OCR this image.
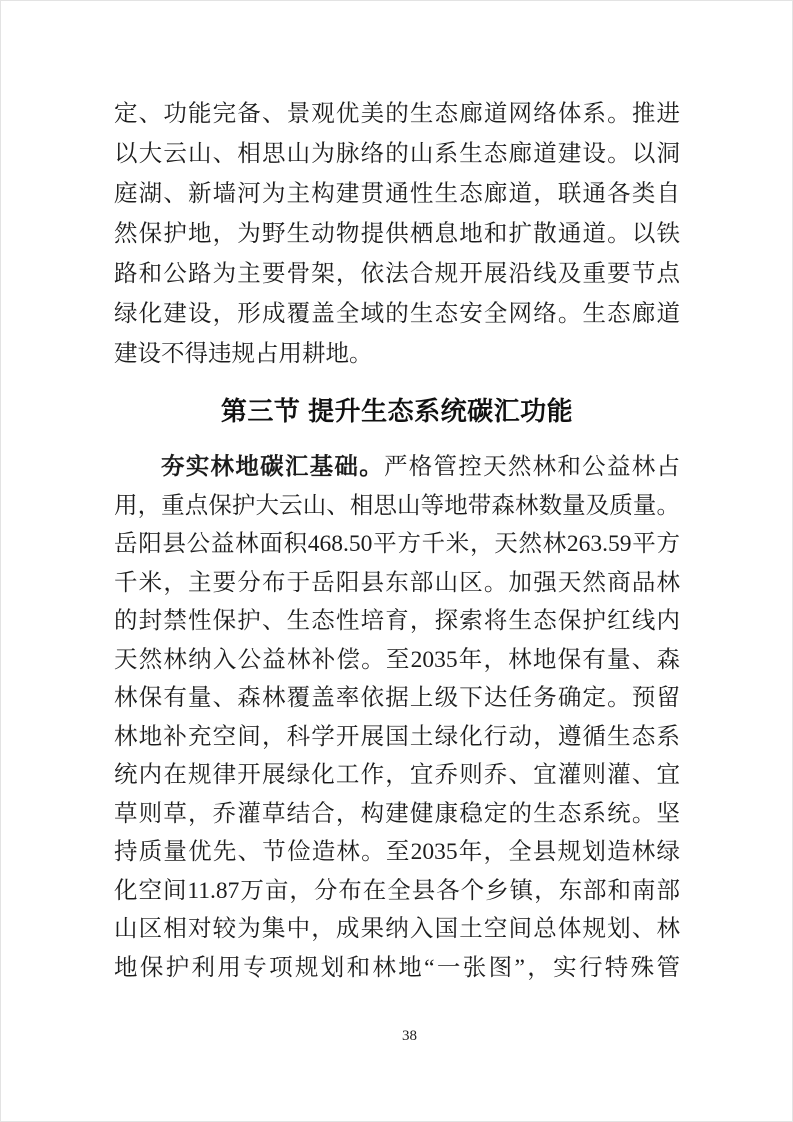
定、功能完备、景观优美的生态廊道网络体系。推进
以大云山、相思山为脉络的山系生态廊道建设。以洞
庭湖、新墙河为主构建贯通性生态廊道，联通各类自
然保护地，为野生动物提供栖息地和扩散通道。以铁
路和公路为主要骨架，依法合规开展沿线及重要节点
绿化建设，形成覆盖全域的生态安全网络。生态廊道
建设不得违规占用耕地。
第三节 提升生态系统碳汇功能
夯实林地碳汇基础。严格管控天然林和公益林占
用，重点保护大云山、相思山等地带森林数量及质量。
岳阳县公益林面积468.50平方千米，天然林263.59平方
千米，主要分布于岳阳县东部山区。加强天然商品林
的封禁性保护、生态性培育，探索将生态保护红线内
天然林纳入公益林补偿。至2035年，林地保有量、森
林保有量、森林覆盖率依据上级下达任务确定。预留
林地补充空间，科学开展国土绿化行动，遵循生态系
统内在规律开展绿化工作，宜乔则乔、宜灌则灌、宜
草则草，乔灌草结合，构建健康稳定的生态系统。坚
持质量优先、节俭造林。至2035年，全县规划造林绿
化空间11.87万亩，分布在全县各个乡镇，东部和南部
山区相对较为集中，成果纳入国土空间总体规划、林
地保护利用专项规划和林地“一张图”，实行特殊管
38
